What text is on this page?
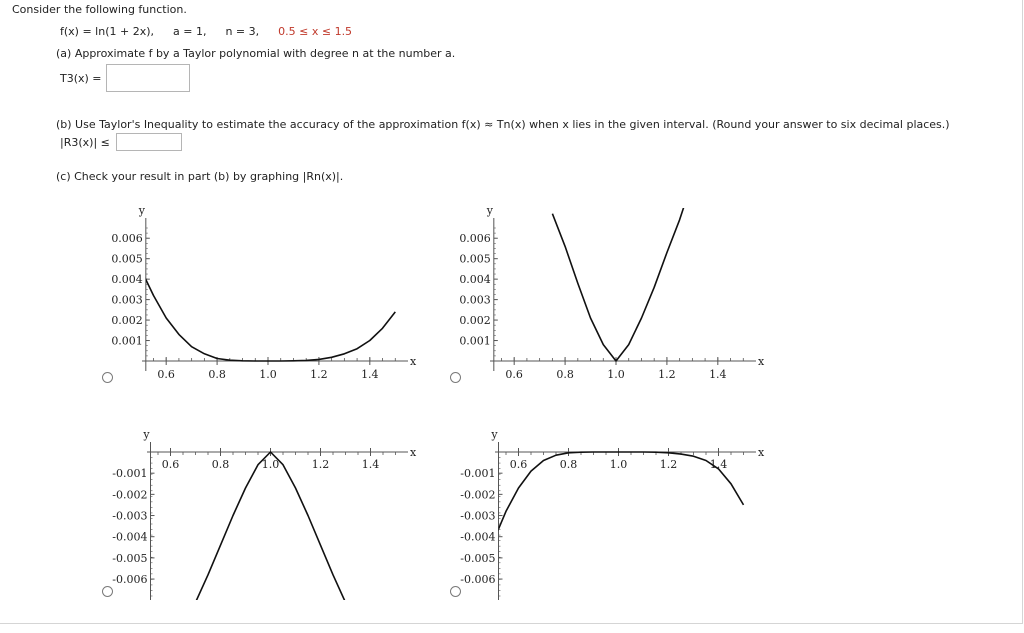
Consider the following function.
f(x) = ln(1 + 2x), a = 1, n = 3, 0.5 ≤ x ≤ 1.5
(a) Approximate f by a Taylor polynomial with degree n at the number a.
T3(x) =
(b) Use Taylor's Inequality to estimate the accuracy of the approximation f(x) ≈ Tn(x) when x lies in the given interval. (Round your answer to six decimal places.)
|R3(x)| ≤
(c) Check your result in part (b) by graphing |Rn(x)|.
y
x
0.6	0.8	1.0	1.2	1.4
0.006
0.005
0.004
0.003
0.002
0.001
y
x
0.6	0.8	1.0	1.2	1.4
0.006
0.005
0.004
0.003
0.002
0.001
y
x
0.6	0.8	1.0	1.2	1.4
-0.001
-0.002
-0.003
-0.004
-0.005
-0.006
y
x
0.6	0.8	1.0	1.2	1.4
-0.001
-0.002
-0.003
-0.004
-0.005
-0.006
